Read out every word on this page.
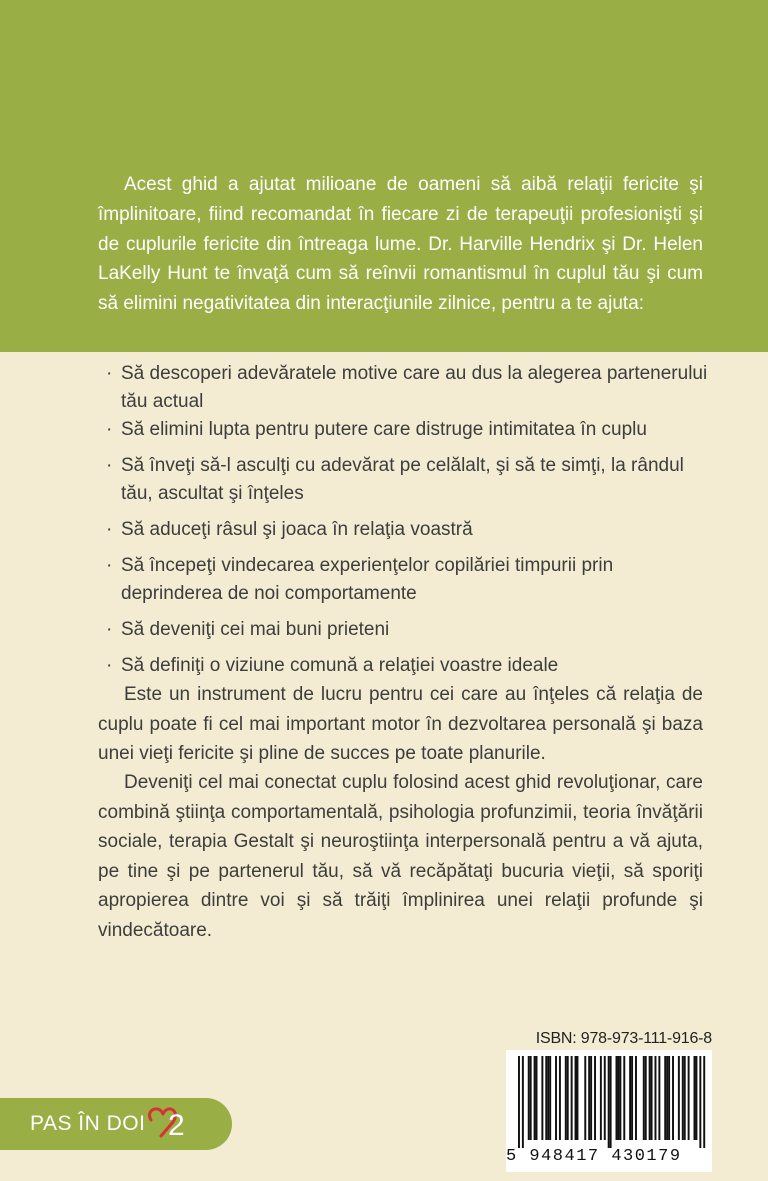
Acest ghid a ajutat milioane de oameni să aibă relaţii fericite şi împlinitoare, fiind recomandat în fiecare zi de terapeuţii profesionişti şi de cuplurile fericite din întreaga lume. Dr. Harville Hendrix şi Dr. Helen LaKelly Hunt te învaţă cum să reînvii romantismul în cuplul tău şi cum să elimini negativitatea din interacţiunile zilnice, pentru a te ajuta:

· Să descoperi adevăratele motive care au dus la alegerea partenerului tău actual
· Să elimini lupta pentru putere care distruge intimitatea în cuplu
· Să înveţi să-l asculţi cu adevărat pe celălalt, şi să te simţi, la rândul tău, ascultat şi înţeles
· Să aduceţi râsul şi joaca în relaţia voastră
· Să începeţi vindecarea experienţelor copilăriei timpurii prin deprinderea de noi comportamente
· Să deveniţi cei mai buni prieteni
· Să definiţi o viziune comună a relaţiei voastre ideale

Este un instrument de lucru pentru cei care au înţeles că relaţia de cuplu poate fi cel mai important motor în dezvoltarea personală şi baza unei vieţi fericite şi pline de succes pe toate planurile.

Deveniţi cel mai conectat cuplu folosind acest ghid revoluţionar, care combină ştiinţa comportamentală, psihologia profunzimii, teoria învăţării sociale, terapia Gestalt şi neuroştiinţa interpersonală pentru a vă ajuta, pe tine şi pe partenerul tău, să vă recăpătaţi bucuria vieţii, să sporiţi apropierea dintre voi şi să trăiţi împlinirea unei relaţii profunde şi vindecătoare.

PAS ÎN DOI 2
ISBN: 978-973-111-916-8
5 948417 430179
